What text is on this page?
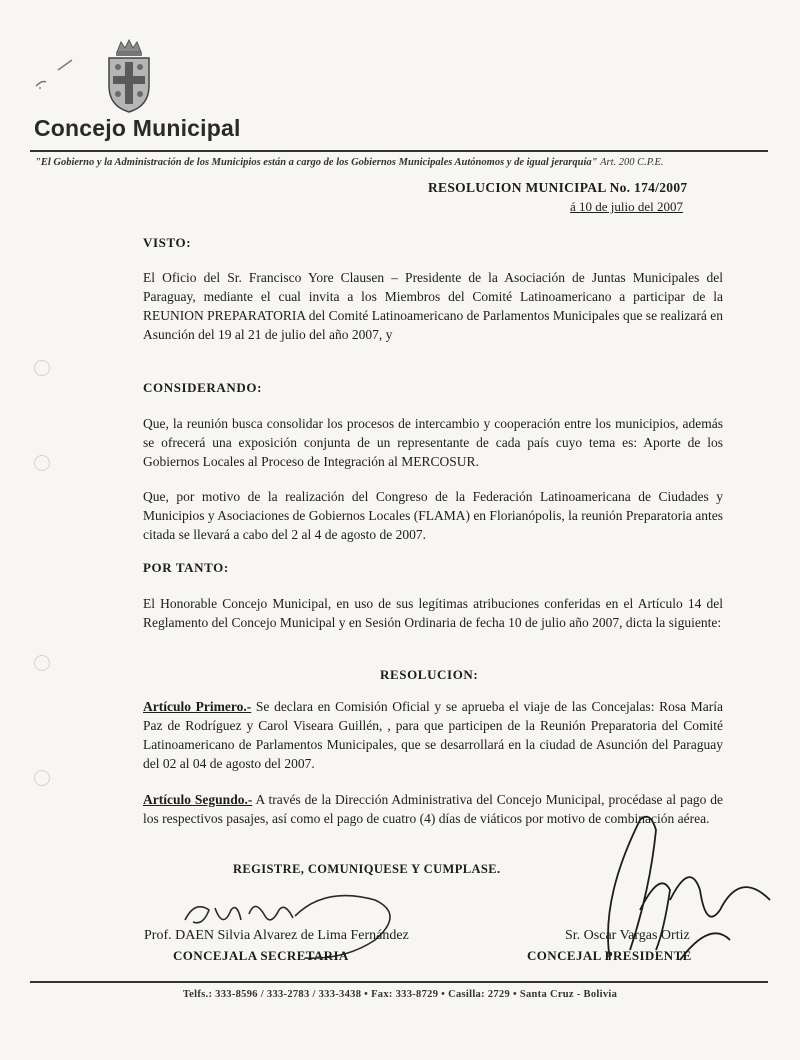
Concejo Municipal
"El Gobierno y la Administración de los Municipios están a cargo de los Gobiernos Municipales Autónomos y de igual jerarquía" Art. 200 C.P.E.
RESOLUCION MUNICIPAL No. 174/2007
á 10 de julio del 2007
VISTO:
El Oficio del Sr. Francisco Yore Clausen – Presidente de la Asociación de Juntas Municipales del Paraguay, mediante el cual invita a los Miembros del Comité Latinoamericano a participar de la REUNION PREPARATORIA del Comité Latinoamericano de Parlamentos Municipales que se realizará en Asunción del 19 al 21 de julio del año 2007, y
CONSIDERANDO:
Que, la reunión busca consolidar los procesos de intercambio y cooperación entre los municipios, además se ofrecerá una exposición conjunta de un representante de cada país cuyo tema es: Aporte de los Gobiernos Locales al Proceso de Integración al MERCOSUR.
Que, por motivo de la realización del Congreso de la Federación Latinoamericana de Ciudades y Municipios y Asociaciones de Gobiernos Locales (FLAMA) en Florianópolis, la reunión Preparatoria antes citada se llevará a cabo del 2 al 4 de agosto de 2007.
POR TANTO:
El Honorable Concejo Municipal, en uso de sus legítimas atribuciones conferidas en el Artículo 14 del Reglamento del Concejo Municipal y en Sesión Ordinaria de fecha 10 de julio año 2007, dicta la siguiente:
RESOLUCION:
Artículo Primero.- Se declara en Comisión Oficial y se aprueba el viaje de las Concejalas: Rosa María Paz de Rodríguez y Carol Viseara Guillén, , para que participen de la Reunión Preparatoria del Comité Latinoamericano de Parlamentos Municipales, que se desarrollará en la ciudad de Asunción del Paraguay del 02 al 04 de agosto del 2007.
Artículo Segundo.- A través de la Dirección Administrativa del Concejo Municipal, procédase al pago de los respectivos pasajes, así como el pago de cuatro (4) días de viáticos por motivo de combinación aérea.
REGISTRE, COMUNIQUESE Y CUMPLASE.
Prof. DAEN Silvia Alvarez de Lima Fernández
CONCEJALA SECRETARIA
Sr. Oscar Vargas Ortiz
CONCEJAL PRESIDENTE
Telfs.: 333-8596 / 333-2783 / 333-3438 • Fax: 333-8729 • Casilla: 2729 • Santa Cruz - Bolivia
